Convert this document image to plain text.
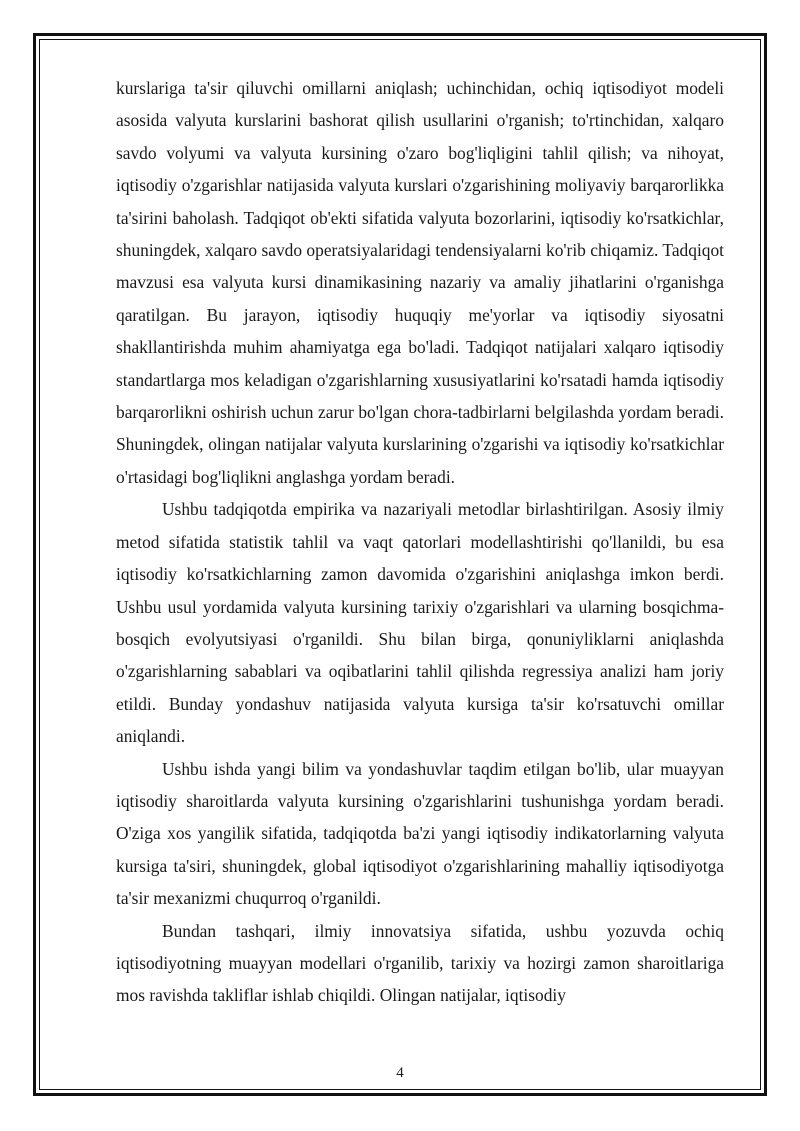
kurslariga ta'sir qiluvchi omillarni aniqlash; uchinchidan, ochiq iqtisodiyot modeli asosida valyuta kurslarini bashorat qilish usullarini o'rganish; to'rtinchidan, xalqaro savdo volyumi va valyuta kursining o'zaro bog'liqligini tahlil qilish; va nihoyat, iqtisodiy o'zgarishlar natijasida valyuta kurslari o'zgarishining moliyaviy barqarorlikka ta'sirini baholash. Tadqiqot ob'ekti sifatida valyuta bozorlarini, iqtisodiy ko'rsatkichlar, shuningdek, xalqaro savdo operatsiyalaridagi tendensiyalarni ko'rib chiqamiz. Tadqiqot mavzusi esa valyuta kursi dinamikasining nazariy va amaliy jihatlarini o'rganishga qaratilgan. Bu jarayon, iqtisodiy huquqiy me'yorlar va iqtisodiy siyosatni shakllantirishda muhim ahamiyatga ega bo'ladi. Tadqiqot natijalari xalqaro iqtisodiy standartlarga mos keladigan o'zgarishlarning xususiyatlarini ko'rsatadi hamda iqtisodiy barqarorlikni oshirish uchun zarur bo'lgan chora-tadbirlarni belgilashda yordam beradi. Shuningdek, olingan natijalar valyuta kurslarining o'zgarishi va iqtisodiy ko'rsatkichlar o'rtasidagi bog'liqlikni anglashga yordam beradi.

Ushbu tadqiqotda empirika va nazariyali metodlar birlashtirilgan. Asosiy ilmiy metod sifatida statistik tahlil va vaqt qatorlari modellashtirishi qo'llanildi, bu esa iqtisodiy ko'rsatkichlarning zamon davomida o'zgarishini aniqlashga imkon berdi. Ushbu usul yordamida valyuta kursining tarixiy o'zgarishlari va ularning bosqichma-bosqich evolyutsiyasi o'rganildi. Shu bilan birga, qonuniyliklarni aniqlashda o'zgarishlarning sabablari va oqibatlarini tahlil qilishda regressiya analizi ham joriy etildi. Bunday yondashuv natijasida valyuta kursiga ta'sir ko'rsatuvchi omillar aniqlandi.

Ushbu ishda yangi bilim va yondashuvlar taqdim etilgan bo'lib, ular muayyan iqtisodiy sharoitlarda valyuta kursining o'zgarishlarini tushunishga yordam beradi. O'ziga xos yangilik sifatida, tadqiqotda ba'zi yangi iqtisodiy indikatorlarning valyuta kursiga ta'siri, shuningdek, global iqtisodiyot o'zgarishlarining mahalliy iqtisodiyotga ta'sir mexanizmi chuqurroq o'rganildi.

Bundan tashqari, ilmiy innovatsiya sifatida, ushbu yozuvda ochiq iqtisodiyotning muayyan modellari o'rganilib, tarixiy va hozirgi zamon sharoitlariga mos ravishda takliflar ishlab chiqildi. Olingan natijalar, iqtisodiy

4
